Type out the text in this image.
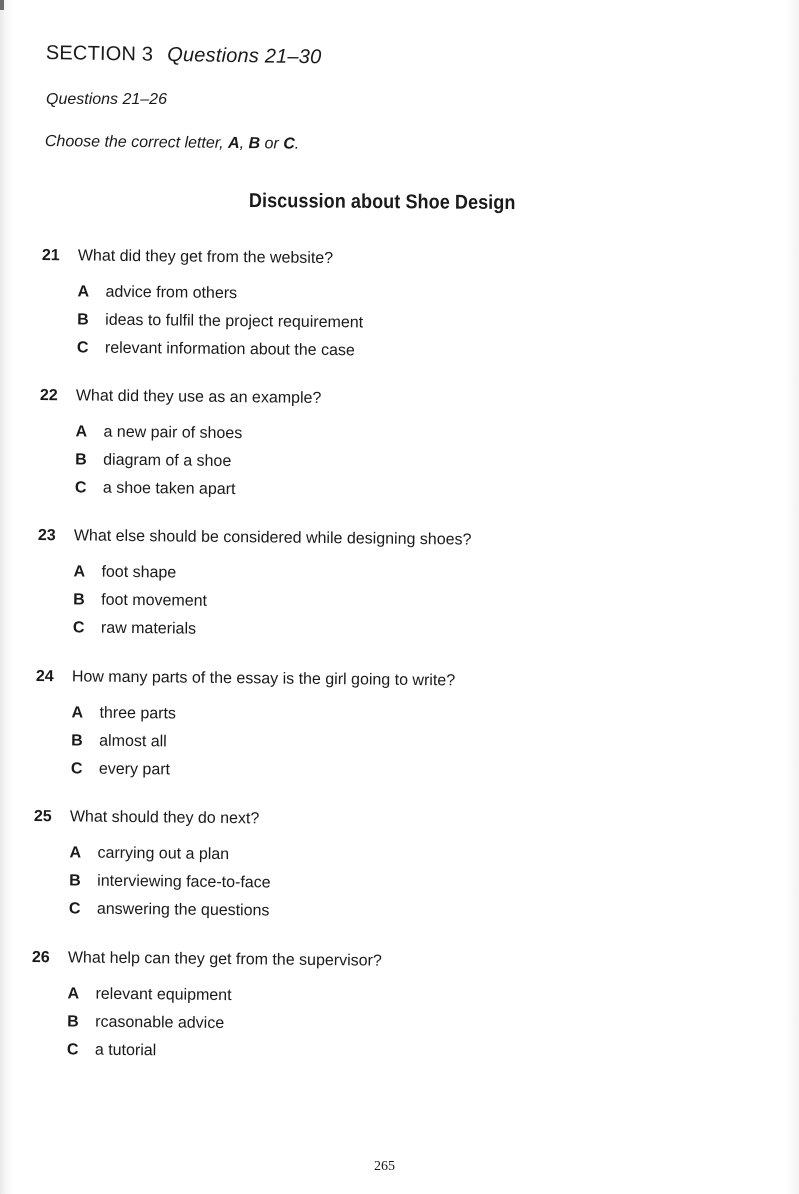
SECTION 3 Questions 21–30
Questions 21–26
Choose the correct letter, A, B or C.
Discussion about Shoe Design
21 What did they get from the website?
A advice from others
B ideas to fulfil the project requirement
C relevant information about the case
22 What did they use as an example?
A a new pair of shoes
B diagram of a shoe
C a shoe taken apart
23 What else should be considered while designing shoes?
A foot shape
B foot movement
C raw materials
24 How many parts of the essay is the girl going to write?
A three parts
B almost all
C every part
25 What should they do next?
A carrying out a plan
B interviewing face-to-face
C answering the questions
26 What help can they get from the supervisor?
A relevant equipment
B rcasonable advice
C a tutorial
265
